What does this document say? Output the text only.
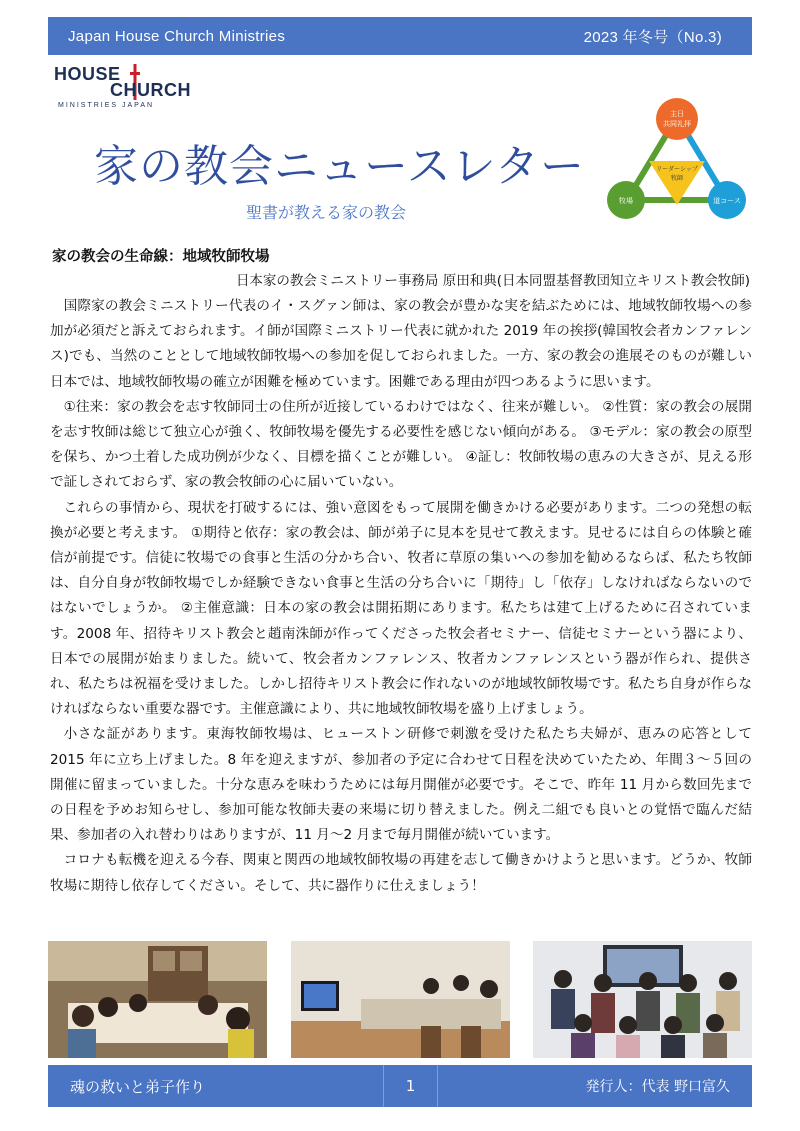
Japan House Church Ministries	2023 年冬号（No.3)
HOUSE
CHURCH
MINISTRIES JAPAN
家の教会ニュースレター
聖書が教える家の教会
主日
共同礼拝
リーダーシップ
牧師
牧場	道コース
家の教会の生命線：地域牧師牧場
日本家の教会ミニストリー事務局 原田和典(日本同盟基督教団知立キリスト教会牧師)

国際家の教会ミニストリー代表のイ・スグァン師は、家の教会が豊かな実を結ぶためには、地域牧師牧場への参加が必須だと訴えておられます。イ師が国際ミニストリー代表に就かれた 2019 年の挨拶(韓国牧会者カンファレンス)でも、当然のこととして地域牧師牧場への参加を促しておられました。一方、家の教会の進展そのものが難しい日本では、地域牧師牧場の確立が困難を極めています。困難である理由が四つあるように思います。

①往来：家の教会を志す牧師同士の住所が近接しているわけではなく、往来が難しい。 ②性質：家の教会の展開を志す牧師は総じて独立心が強く、牧師牧場を優先する必要性を感じない傾向がある。 ③モデル：家の教会の原型を保ち、かつ土着した成功例が少なく、目標を描くことが難しい。 ④証し：牧師牧場の恵みの大きさが、見える形で証しされておらず、家の教会牧師の心に届いていない。

これらの事情から、現状を打破するには、強い意図をもって展開を働きかける必要があります。二つの発想の転換が必要と考えます。 ①期待と依存：家の教会は、師が弟子に見本を見せて教えます。見せるには自らの体験と確信が前提です。信徒に牧場での食事と生活の分かち合い、牧者に草原の集いへの参加を勧めるならば、私たち牧師は、自分自身が牧師牧場でしか経験できない食事と生活の分ち合いに「期待」し「依存」しなければならないのではないでしょうか。 ②主催意識：日本の家の教会は開拓期にあります。私たちは建て上げるために召されています。2008 年、招待キリスト教会と趙南洙師が作ってくださった牧会者セミナー、信徒セミナーという器により、日本での展開が始まりました。続いて、牧会者カンファレンス、牧者カンファレンスという器が作られ、提供され、私たちは祝福を受けました。しかし招待キリスト教会に作れないのが地域牧師牧場です。私たち自身が作らなければならない重要な器です。主催意識により、共に地域牧師牧場を盛り上げましょう。

小さな証があります。東海牧師牧場は、ヒューストン研修で刺激を受けた私たち夫婦が、恵みの応答として 2015 年に立ち上げました。8 年を迎えますが、参加者の予定に合わせて日程を決めていたため、年間３～５回の開催に留まっていました。十分な恵みを味わうためには毎月開催が必要です。そこで、昨年 11 月から数回先までの日程を予めお知らせし、参加可能な牧師夫妻の来場に切り替えました。例え二組でも良いとの覚悟で臨んだ結果、参加者の入れ替わりはありますが、11 月～2 月まで毎月開催が続いています。

コロナも転機を迎える今春、関東と関西の地域牧師牧場の再建を志して働きかけようと思います。どうか、牧師牧場に期待し依存してください。そして、共に器作りに仕えましょう！

魂の救いと弟子作り	1	発行人：代表 野口富久
